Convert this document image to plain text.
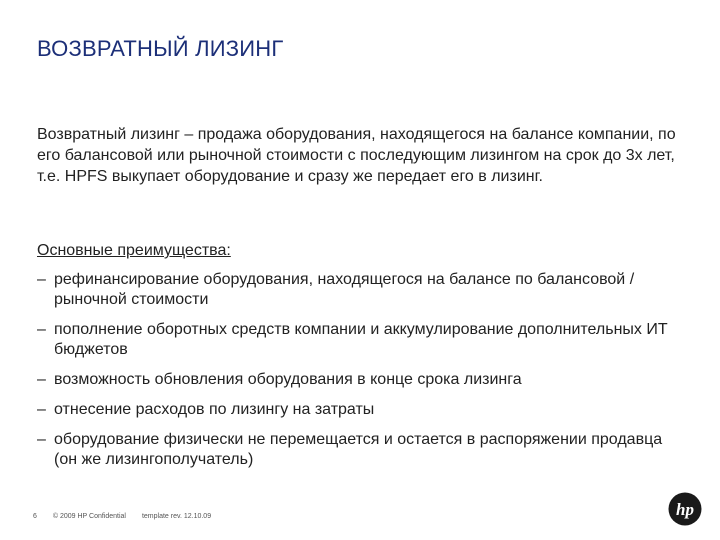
ВОЗВРАТНЫЙ ЛИЗИНГ
Возвратный лизинг – продажа оборудования, находящегося на балансе компании, по его балансовой или рыночной стоимости с последующим лизингом на срок до 3х лет, т.е. HPFS выкупает оборудование и сразу же передает его в лизинг.
Основные преимущества:
– рефинансирование оборудования, находящегося на балансе по балансовой / рыночной стоимости
– пополнение оборотных средств компании и аккумулирование дополнительных ИТ бюджетов
– возможность обновления оборудования в конце срока лизинга
– отнесение расходов по лизингу на затраты
– оборудование физически не перемещается и остается в распоряжении продавца (он же лизингополучатель)
6 © 2009 HP Confidential template rev. 12.10.09	hp
